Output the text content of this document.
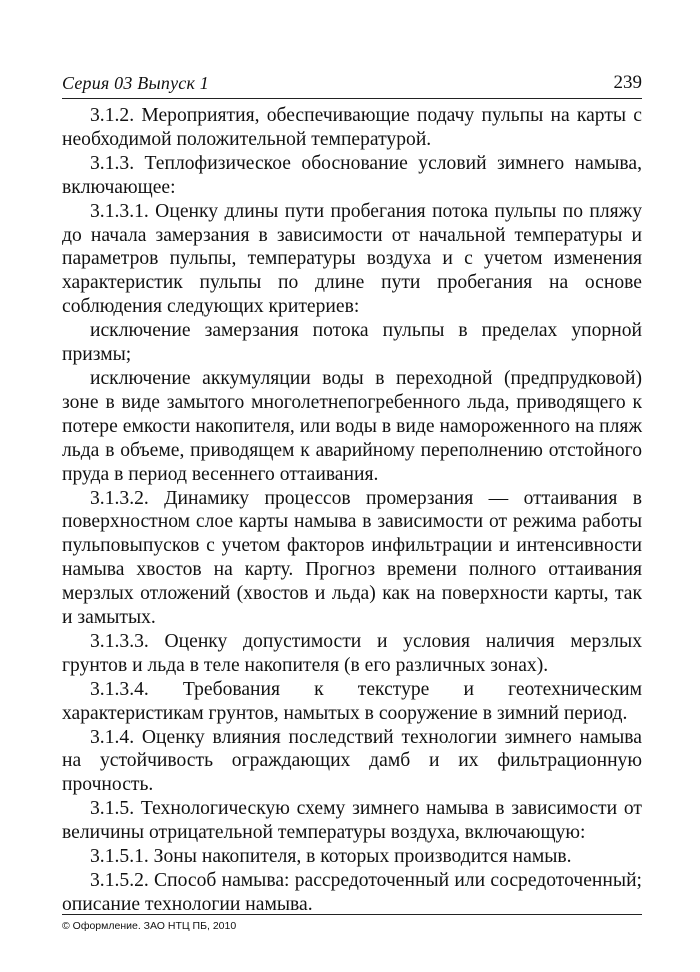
Серия 03 Выпуск 1	239

3.1.2. Мероприятия, обеспечивающие подачу пульпы на карты с необходимой положительной температурой.

3.1.3. Теплофизическое обоснование условий зимнего намыва, включающее:

3.1.3.1. Оценку длины пути пробегания потока пульпы по пляжу до начала замерзания в зависимости от начальной температуры и параметров пульпы, температуры воздуха и с учетом изменения характеристик пульпы по длине пути пробегания на основе соблюдения следующих критериев:

исключение замерзания потока пульпы в пределах упорной призмы;

исключение аккумуляции воды в переходной (предпрудковой) зоне в виде замытого многолетнепогребенного льда, приводящего к потере емкости накопителя, или воды в виде намороженного на пляж льда в объеме, приводящем к аварийному переполнению отстойного пруда в период весеннего оттаивания.

3.1.3.2. Динамику процессов промерзания — оттаивания в поверхностном слое карты намыва в зависимости от режима работы пульповыпусков с учетом факторов инфильтрации и интенсивности намыва хвостов на карту. Прогноз времени полного оттаивания мерзлых отложений (хвостов и льда) как на поверхности карты, так и замытых.

3.1.3.3. Оценку допустимости и условия наличия мерзлых грунтов и льда в теле накопителя (в его различных зонах).

3.1.3.4. Требования к текстуре и геотехническим характеристикам грунтов, намытых в сооружение в зимний период.

3.1.4. Оценку влияния последствий технологии зимнего намыва на устойчивость ограждающих дамб и их фильтрационную прочность.

3.1.5. Технологическую схему зимнего намыва в зависимости от величины отрицательной температуры воздуха, включающую:

3.1.5.1. Зоны накопителя, в которых производится намыв.

3.1.5.2. Способ намыва: рассредоточенный или сосредоточенный; описание технологии намыва.

© Оформление. ЗАО НТЦ ПБ, 2010
